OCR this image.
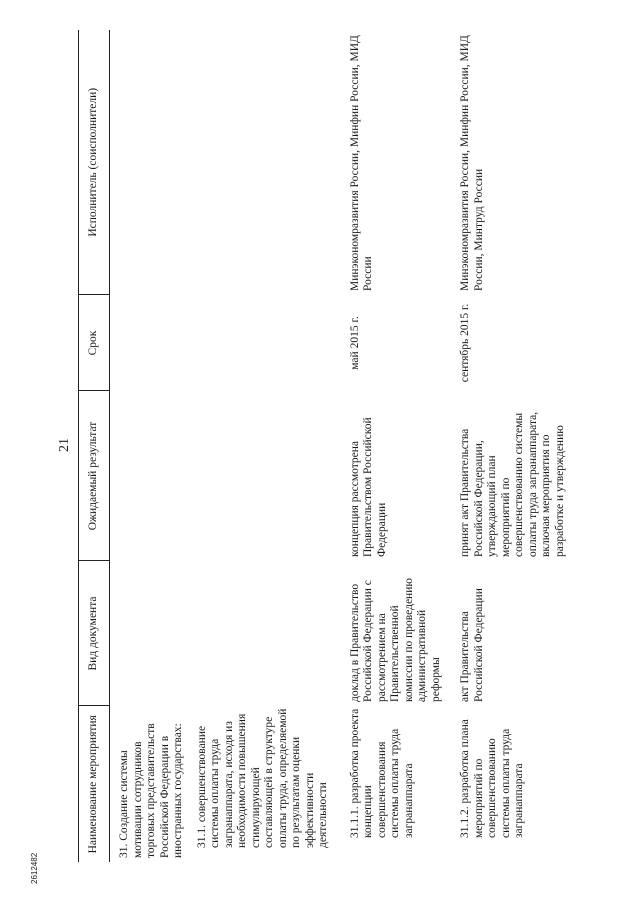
21
Наименование мероприятия	Вид документа	Ожидаемый результат	Срок	Исполнитель (соисполнители)

31. Создание системы мотивации сотрудников торговых представительств Российской Федерации в иностранных государствах:				

31.1. совершенствование системы оплаты труда загранаппарата, исходя из необходимости повышения стимулирующей составляющей в структуре оплаты труда, определяемой по результатам оценки эффективности деятельности				
31.1.1. разработка проекта концепции совершенствования системы оплаты труда загранаппарата	доклад в Правительство Российской Федерации с рассмотрением на Правительственной комиссии по проведению административной реформы	концепция рассмотрена Правительством Российской Федерации	май 2015 г.	Минэкономразвития России, Минфин России, МИД России
31.1.2. разработка плана мероприятий по совершенствованию системы оплаты труда загранаппарата	акт Правительства Российской Федерации	принят акт Правительства Российской Федерации, утверждающий план мероприятий по совершенствованию системы оплаты труда загранаппарата, включая мероприятия по разработке и утверждению	сентябрь 2015 г.	Минэкономразвития России, Минфин России, МИД России, Минтруд России
2612482
